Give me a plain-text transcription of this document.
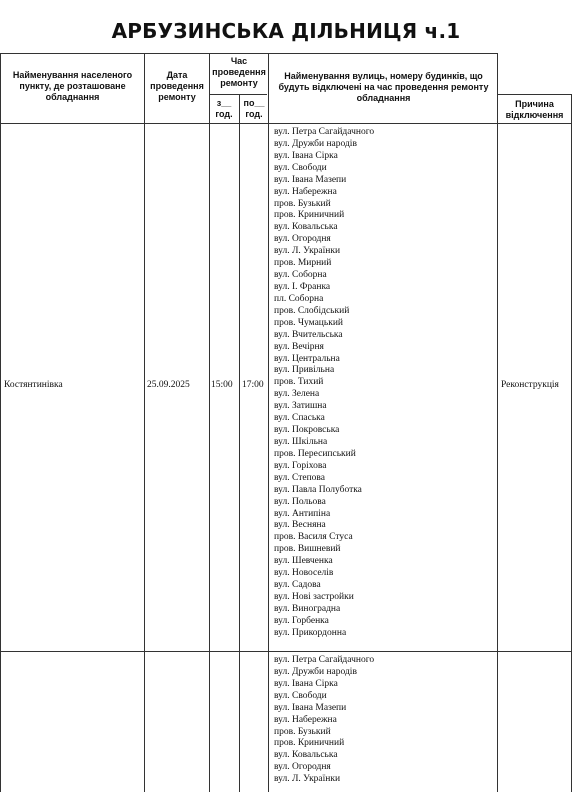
АРБУЗИНСЬКА ДІЛЬНИЦЯ ч.1
Найменування населеного пункту, де розташоване обладнання
Дата проведення ремонту
Час проведення ремонту
з__ год.
по__ год.
Найменування вулиць, номеру будинків, що будуть відключені на час проведення ремонту обладнання
Причина відключення
Костянтинівка	25.09.2025 15:00 17:00	Реконструкція
вул. Петра Сагайдачного
вул. Дружби народів
вул. Івана Сірка
вул. Свободи
вул. Івана Мазепи
вул. Набережна
пров. Бузький
пров. Криничний
вул. Ковальська
вул. Огородня
вул. Л. Українки
пров. Мирний
вул. Соборна
вул. І. Франка
пл. Соборна
пров. Слобідський
пров. Чумацький
вул. Вчительська
вул. Вечірня
вул. Центральна
вул. Привільна
пров. Тихий
вул. Зелена
вул. Затишна
вул. Спаська
вул. Покровська
вул. Шкільна
пров. Пересипський
вул. Горіхова
вул. Степова
вул. Павла Полуботка
вул. Польова
вул. Антипіна
вул. Весняна
пров. Василя Стуса
пров. Вишневий
вул. Шевченка
вул. Новоселів
вул. Садова
вул. Нові застройки
вул. Виноградна
вул. Горбенка
вул. Прикордонна
вул. Петра Сагайдачного
вул. Дружби народів
вул. Івана Сірка
вул. Свободи
вул. Івана Мазепи
вул. Набережна
пров. Бузький
пров. Криничний
вул. Ковальська
вул. Огородня
вул. Л. Українки
